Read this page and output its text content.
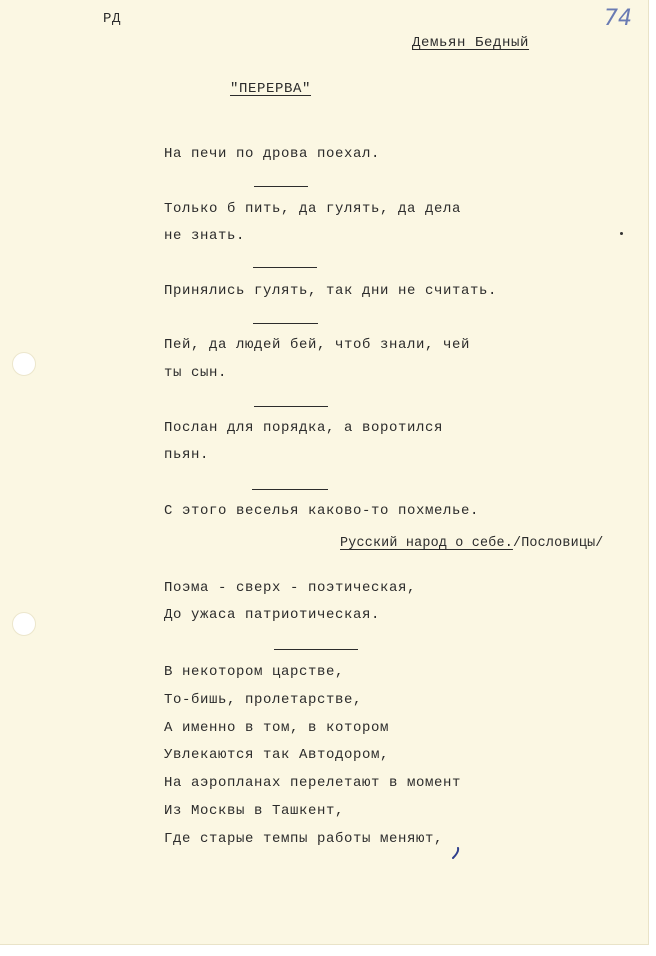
РД	74
Демьян Бедный
"ПЕРЕРВА"
На печи по дрова поехал.
Только б пить, да гулять, да дела
не знать.
Принялись гулять, так дни не считать.
Пей, да людей бей, чтоб знали, чей
ты сын.
Послан для порядка, а воротился
пьян.
С этого веселья каково-то похмелье.
Русский народ о себе./Пословицы/
Поэма - сверх - поэтическая,
До ужаса патриотическая.
В некотором царстве,
То-бишь, пролетарстве,
А именно в том, в котором
Увлекаются так Автодором,
На аэропланах перелетают в момент
Из Москвы в Ташкент,
Где старые темпы работы меняют,
